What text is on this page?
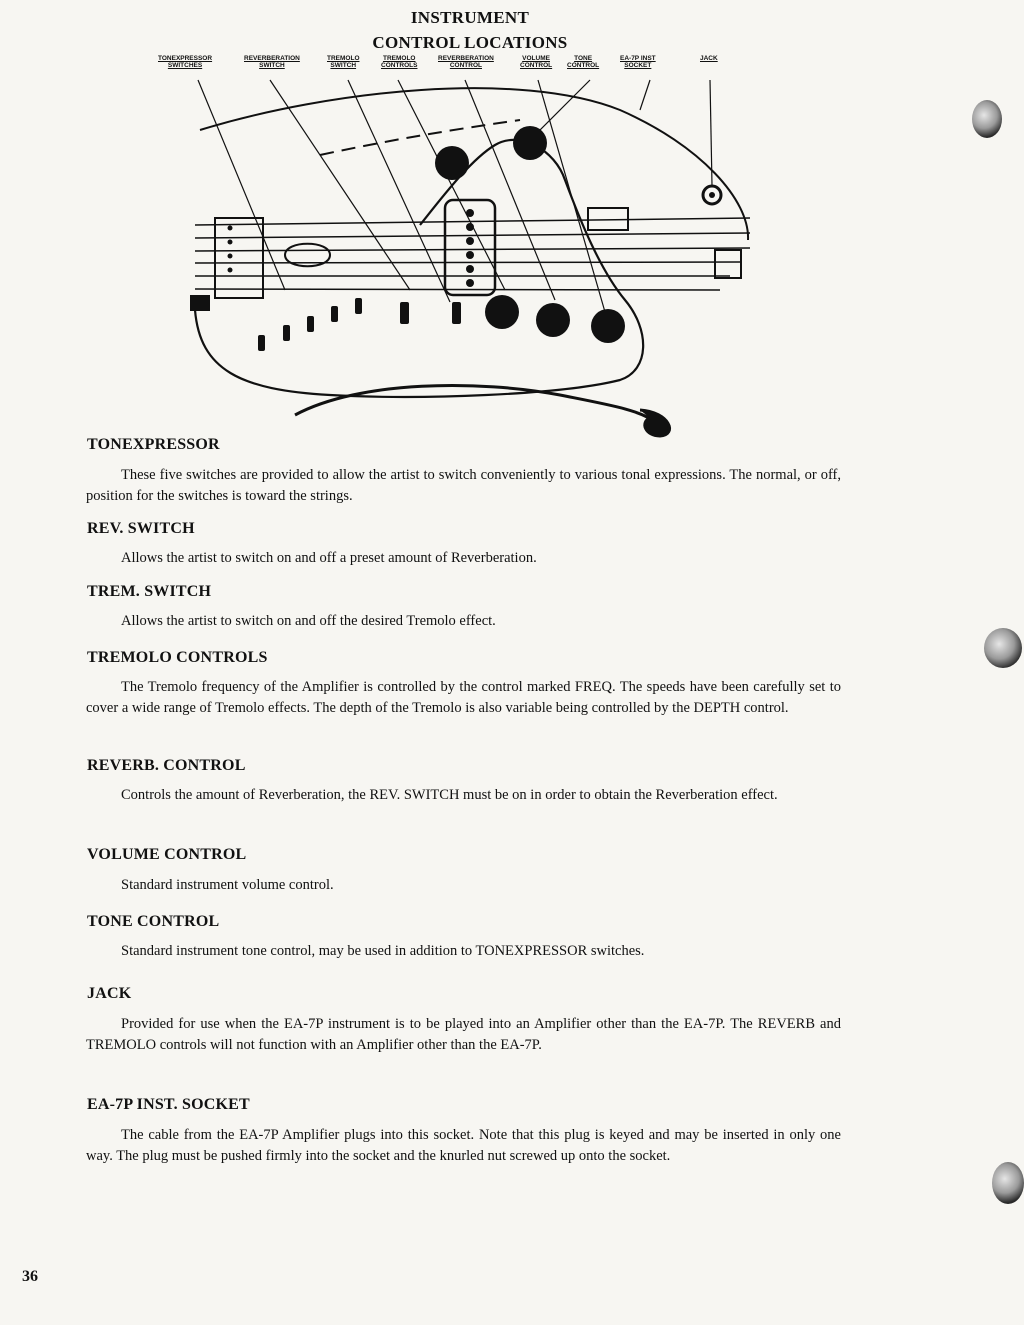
INSTRUMENT
CONTROL LOCATIONS
TONEXPRESSOR
SWITCHES
REVERBERATION
SWITCH
TREMOLO
SWITCH
TREMOLO
CONTROLS
REVERBERATION
CONTROL
VOLUME
CONTROL
TONE
CONTROL
EA-7P INST
SOCKET
JACK
TONEXPRESSOR
These five switches are provided to allow the artist to switch conveniently to various tonal expressions. The normal, or off, position for the switches is toward the strings.
REV. SWITCH
Allows the artist to switch on and off a preset amount of Reverberation.
TREM. SWITCH
Allows the artist to switch on and off the desired Tremolo effect.
TREMOLO CONTROLS
The Tremolo frequency of the Amplifier is controlled by the control marked FREQ. The speeds have been carefully set to cover a wide range of Tremolo effects. The depth of the Tremolo is also variable being controlled by the DEPTH control.
REVERB. CONTROL
Controls the amount of Reverberation, the REV. SWITCH must be on in order to obtain the Reverberation effect.
VOLUME CONTROL
Standard instrument volume control.
TONE CONTROL
Standard instrument tone control, may be used in addition to TONEXPRESSOR switches.
JACK
Provided for use when the EA-7P instrument is to be played into an Amplifier other than the EA-7P. The REVERB and TREMOLO controls will not function with an Amplifier other than the EA-7P.
EA-7P INST. SOCKET
The cable from the EA-7P Amplifier plugs into this socket. Note that this plug is keyed and may be inserted in only one way. The plug must be pushed firmly into the socket and the knurled nut screwed up onto the socket.
36
